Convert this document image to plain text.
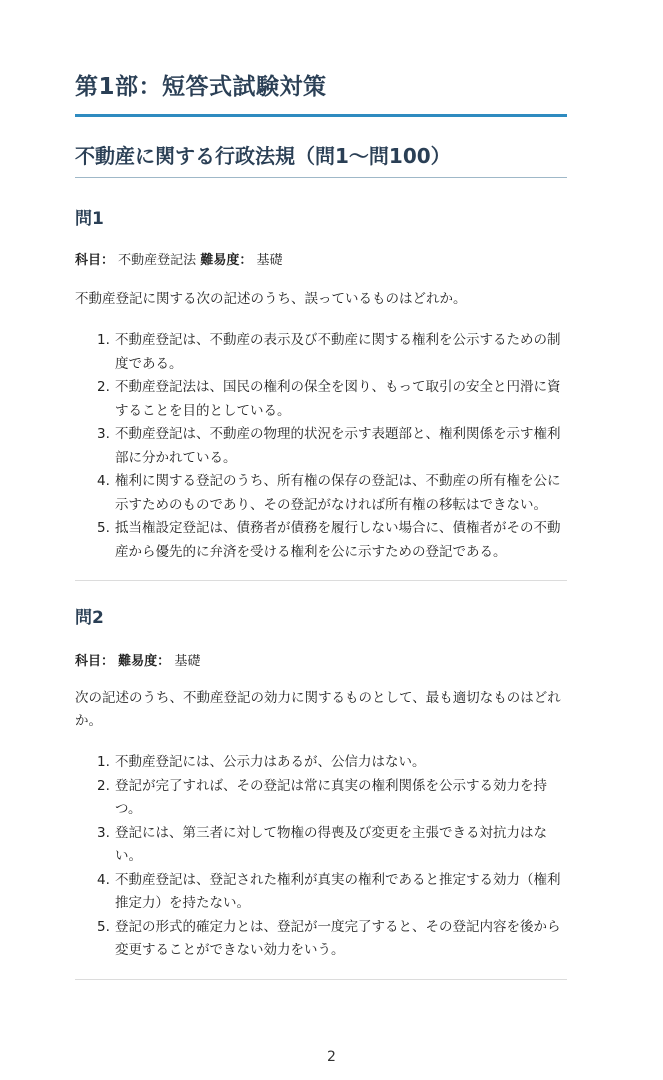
第1部：短答式試験対策
不動産に関する行政法規（問1〜問100）
問1

科目： 不動産登記法 難易度： 基礎

不動産登記に関する次の記述のうち、誤っているものはどれか。

1. 不動産登記は、不動産の表示及び不動産に関する権利を公示するための制度である。
2. 不動産登記法は、国民の権利の保全を図り、もって取引の安全と円滑に資することを目的としている。
3. 不動産登記は、不動産の物理的状況を示す表題部と、権利関係を示す権利部に分かれている。
4. 権利に関する登記のうち、所有権の保存の登記は、不動産の所有権を公に示すためのものであり、その登記がなければ所有権の移転はできない。
5. 抵当権設定登記は、債務者が債務を履行しない場合に、債権者がその不動産から優先的に弁済を受ける権利を公に示すための登記である。
問2

科目： 難易度： 基礎

次の記述のうち、不動産登記の効力に関するものとして、最も適切なものはどれか。

1. 不動産登記には、公示力はあるが、公信力はない。
2. 登記が完了すれば、その登記は常に真実の権利関係を公示する効力を持つ。
3. 登記には、第三者に対して物権の得喪及び変更を主張できる対抗力はない。
4. 不動産登記は、登記された権利が真実の権利であると推定する効力（権利推定力）を持たない。
5. 登記の形式的確定力とは、登記が一度完了すると、その登記内容を後から変更することができない効力をいう。
2
